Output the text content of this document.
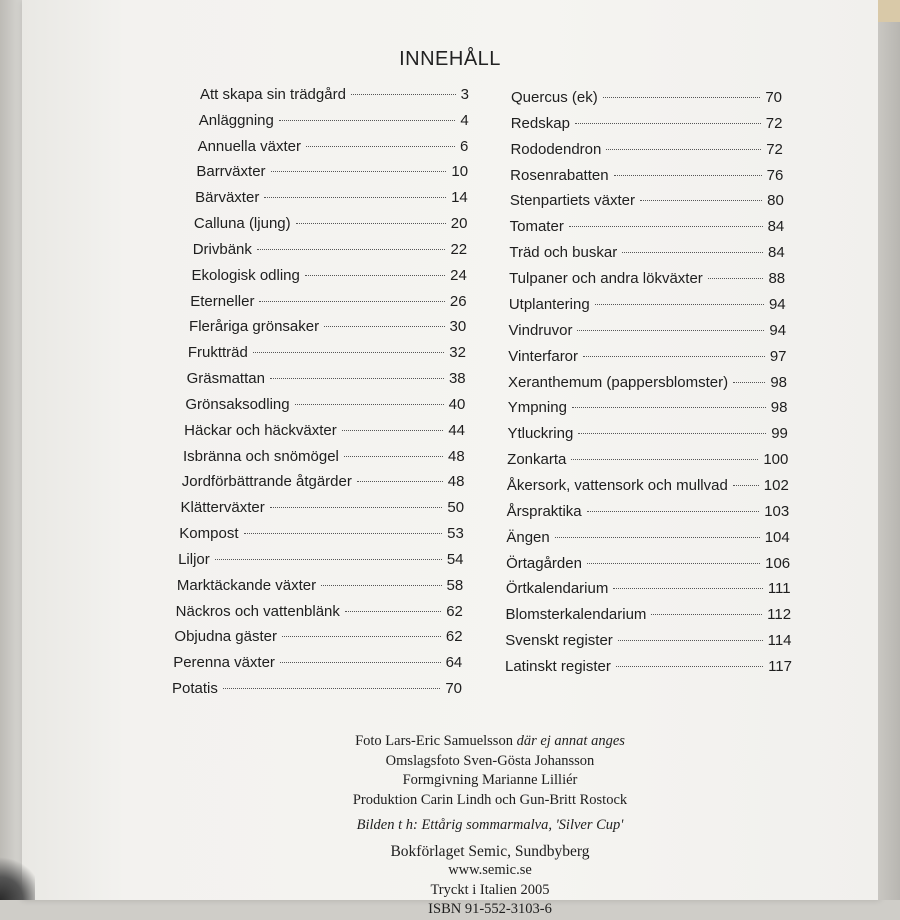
INNEHÅLL
Att skapa sin trädgård	3
Anläggning	4
Annuella växter	6
Barrväxter	10
Bärväxter	14
Calluna (ljung)	20
Drivbänk	22
Ekologisk odling	24
Eterneller	26
Fleråriga grönsaker	30
Fruktträd	32
Gräsmattan	38
Grönsaksodling	40
Häckar och häckväxter	44
Isbränna och snömögel	48
Jordförbättrande åtgärder	48
Klätterväxter	50
Kompost	53
Liljor	54
Marktäckande växter	58
Näckros och vattenblänk	62
Objudna gäster	62
Perenna växter	64
Potatis	70
Quercus (ek)	70
Redskap	72
Rododendron	72
Rosenrabatten	76
Stenpartiets växter	80
Tomater	84
Träd och buskar	84
Tulpaner och andra lökväxter	88
Utplantering	94
Vindruvor	94
Vinterfaror	97
Xeranthemum (pappersblomster)	98
Ympning	98
Ytluckring	99
Zonkarta	100
Åkersork, vattensork och mullvad 102
Årspraktika	103
Ängen	104
Örtagården	106
Örtkalendarium	111
Blomsterkalendarium	112
Svenskt register	114
Latinskt register	117
Foto Lars-Eric Samuelsson där ej annat anges
Omslagsfoto Sven-Gösta Johansson
Formgivning Marianne Lilliér
Produktion Carin Lindh och Gun-Britt Rostock
Bilden t h: Ettårig sommarmalva, 'Silver Cup'
Bokförlaget Semic, Sundbyberg
www.semic.se
Tryckt i Italien 2005
ISBN 91-552-3103-6
